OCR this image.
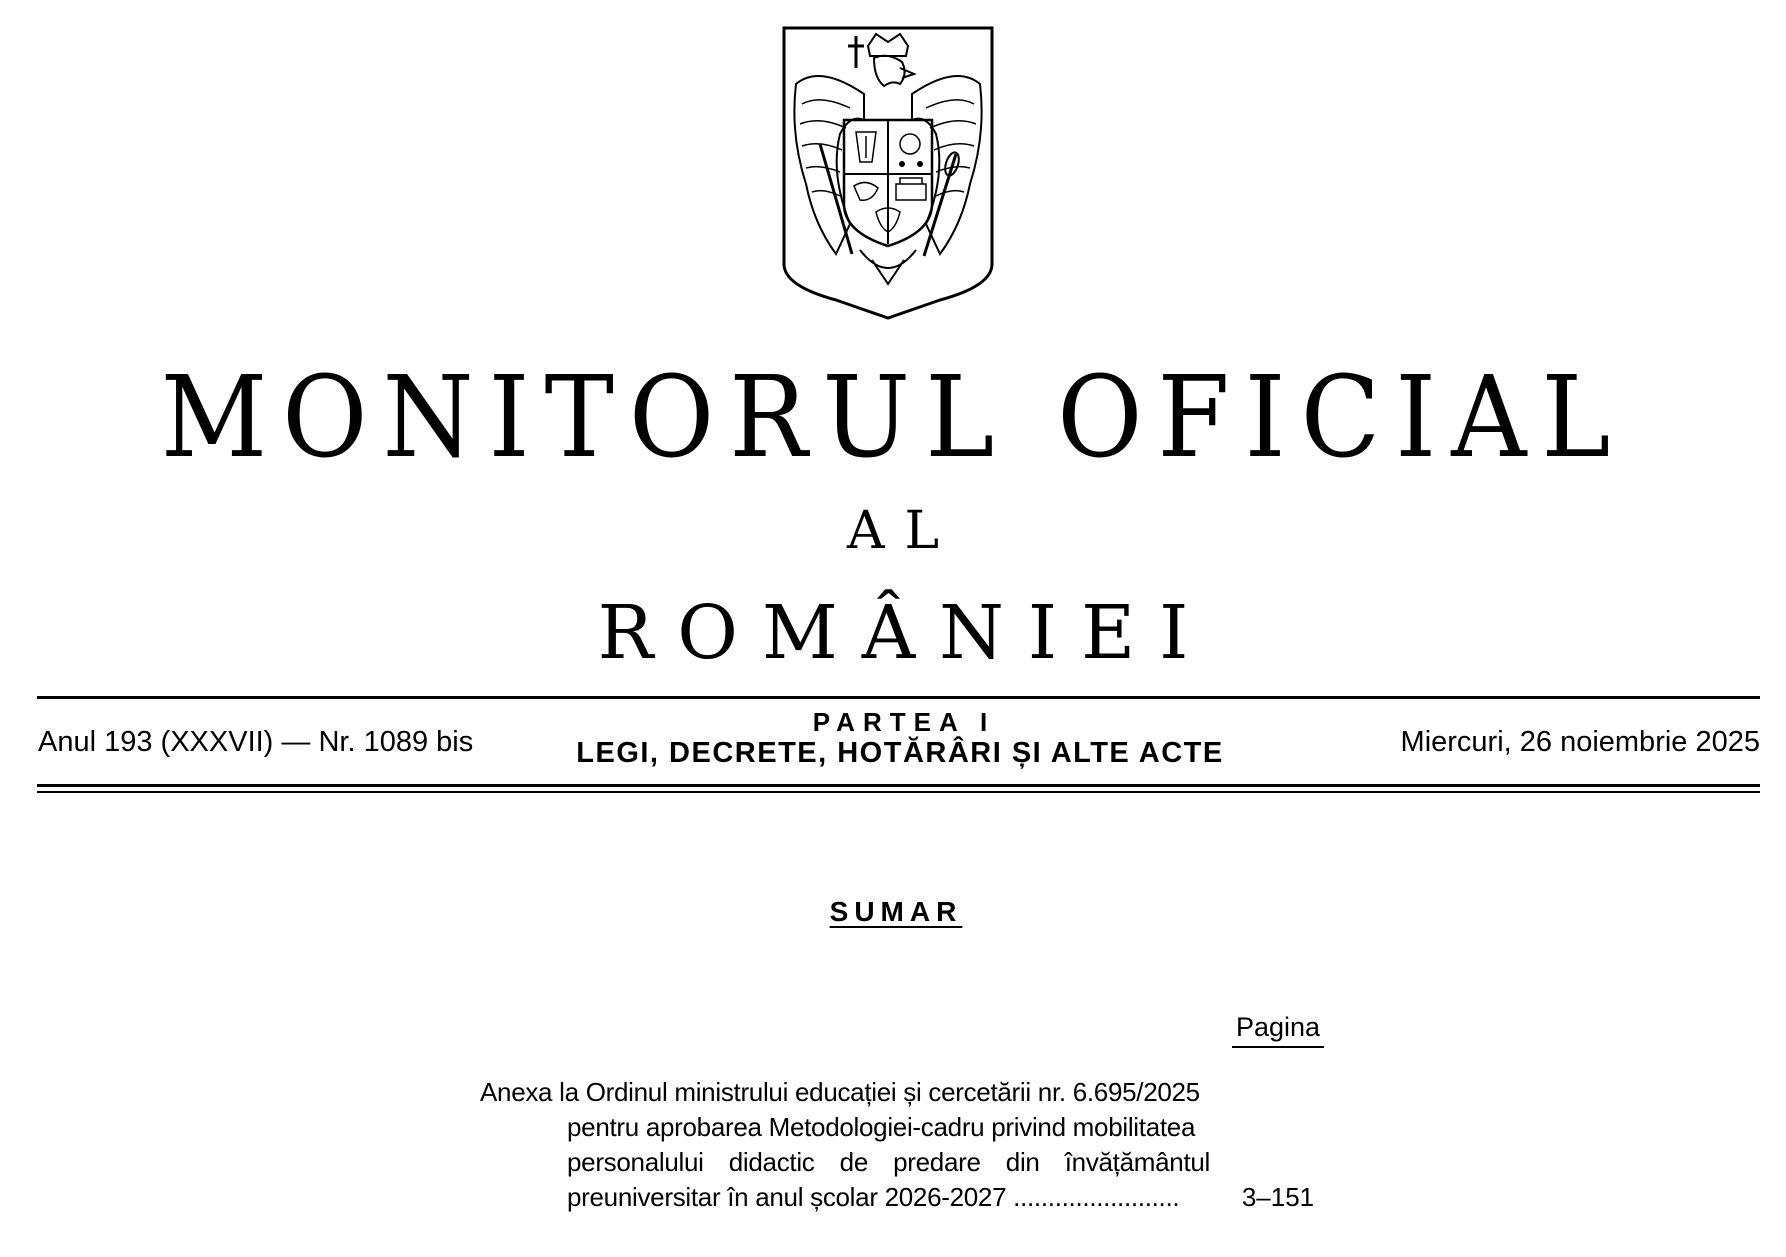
MONITORUL OFICIAL
AL
ROMÂNIEI
Anul 193 (XXXVII) — Nr. 1089 bis
PARTEA I
LEGI, DECRETE, HOTĂRÂRI ȘI ALTE ACTE	Miercuri, 26 noiembrie 2025
SUMAR
Pagina
Anexa la Ordinul ministrului educației și cercetării nr. 6.695/2025
pentru aprobarea Metodologiei-cadru privind mobilitatea
personalului didactic de predare din învățământul
preuniversitar în anul școlar 2026-2027 ........................	3–151
